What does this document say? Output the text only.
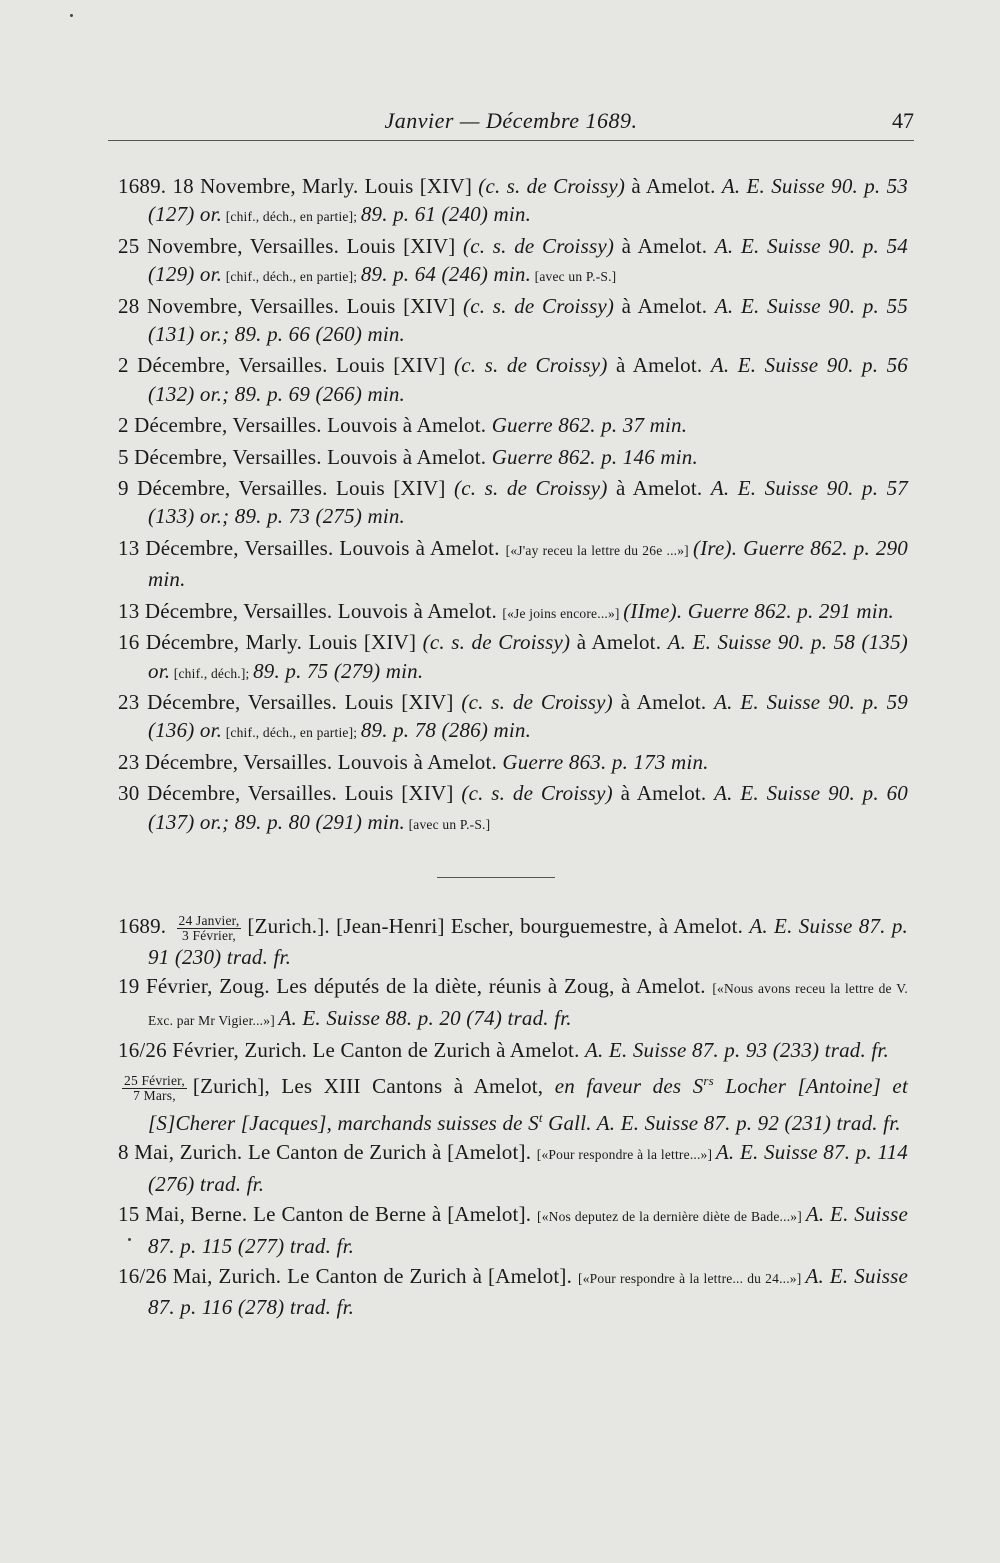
Janvier — Décembre 1689.	47

1689. 18 Novembre, Marly. Louis [XIV] (c. s. de Croissy) à Amelot. A. E. Suisse 90. p. 53 (127) or. [chif., déch., en partie]; 89. p. 61 (240) min.

25 Novembre, Versailles. Louis [XIV] (c. s. de Croissy) à Amelot. A. E. Suisse 90. p. 54 (129) or. [chif., déch., en partie]; 89. p. 64 (246) min. [avec un P.-S.]

28 Novembre, Versailles. Louis [XIV] (c. s. de Croissy) à Amelot. A. E. Suisse 90. p. 55 (131) or.; 89. p. 66 (260) min.

2 Décembre, Versailles. Louis [XIV] (c. s. de Croissy) à Amelot. A. E. Suisse 90. p. 56 (132) or.; 89. p. 69 (266) min.

2 Décembre, Versailles. Louvois à Amelot. Guerre 862. p. 37 min.

5 Décembre, Versailles. Louvois à Amelot. Guerre 862. p. 146 min.

9 Décembre, Versailles. Louis [XIV] (c. s. de Croissy) à Amelot. A. E. Suisse 90. p. 57 (133) or.; 89. p. 73 (275) min.

13 Décembre, Versailles. Louvois à Amelot. [«J'ay receu la lettre du 26e ...»] (Ire). Guerre 862. p. 290 min.

13 Décembre, Versailles. Louvois à Amelot. [«Je joins encore...»] (IIme). Guerre 862. p. 291 min.

16 Décembre, Marly. Louis [XIV] (c. s. de Croissy) à Amelot. A. E. Suisse 90. p. 58 (135) or. [chif., déch.]; 89. p. 75 (279) min.

23 Décembre, Versailles. Louis [XIV] (c. s. de Croissy) à Amelot. A. E. Suisse 90. p. 59 (136) or. [chif., déch., en partie]; 89. p. 78 (286) min.

23 Décembre, Versailles. Louvois à Amelot. Guerre 863. p. 173 min.

30 Décembre, Versailles. Louis [XIV] (c. s. de Croissy) à Amelot. A. E. Suisse 90. p. 60 (137) or.; 89. p. 80 (291) min. [avec un P.-S.]

1689. $\frac{\text{24 Janvier,}}{\text{3 Février,}}$ [Zurich.]. [Jean-Henri] Escher, bourguemestre, à Amelot. A. E. Suisse 87. p. 91 (230) trad. fr.

19 Février, Zoug. Les députés de la diète, réunis à Zoug, à Amelot. [«Nous avons receu la lettre de V. Exc. par Mr Vigier...»] A. E. Suisse 88. p. 20 (74) trad. fr.

16/26 Février, Zurich. Le Canton de Zurich à Amelot. A. E. Suisse 87. p. 93 (233) trad. fr.

$\frac{\text{25 Février,}}{\text{7 Mars,}}$ [Zurich], Les XIII Cantons à Amelot, en faveur des $S^{rs}$ Locher [Antoine] et [S]Cherer [Jacques], marchands suisses de $S^t$ Gall. A. E. Suisse 87. p. 92 (231) trad. fr.

8 Mai, Zurich. Le Canton de Zurich à [Amelot]. [«Pour respondre à la lettre...»] A. E. Suisse 87. p. 114 (276) trad. fr.

15 Mai, Berne. Le Canton de Berne à [Amelot]. [«Nos deputez de la dernière diète de Bade...»] A. E. Suisse 87. p. 115 (277) trad. fr.

16/26 Mai, Zurich. Le Canton de Zurich à [Amelot]. [«Pour respondre à la lettre... du 24...»] A. E. Suisse 87. p. 116 (278) trad. fr.
